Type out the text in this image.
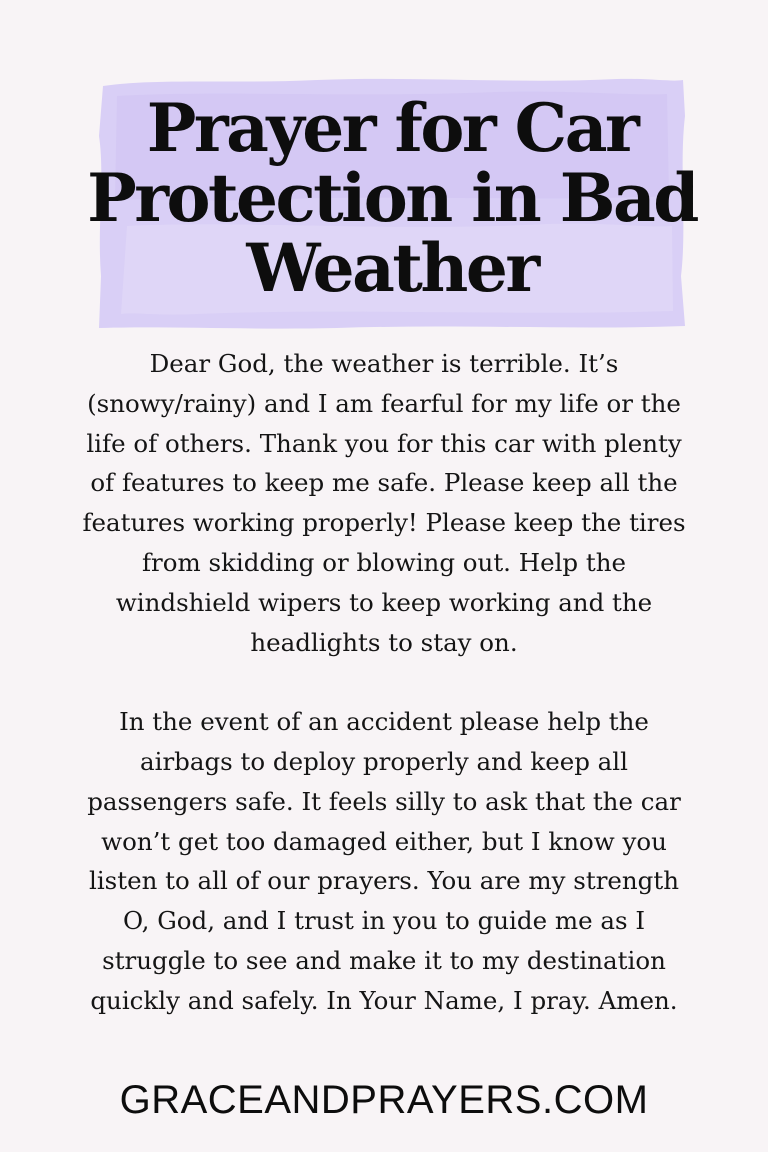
Prayer for Car Protection in Bad Weather

Dear God, the weather is terrible. It’s (snowy/rainy) and I am fearful for my life or the life of others. Thank you for this car with plenty of features to keep me safe. Please keep all the features working properly! Please keep the tires from skidding or blowing out. Help the windshield wipers to keep working and the headlights to stay on.

In the event of an accident please help the airbags to deploy properly and keep all passengers safe. It feels silly to ask that the car won’t get too damaged either, but I know you listen to all of our prayers. You are my strength O, God, and I trust in you to guide me as I struggle to see and make it to my destination quickly and safely. In Your Name, I pray. Amen.

GRACEANDPRAYERS.COM
